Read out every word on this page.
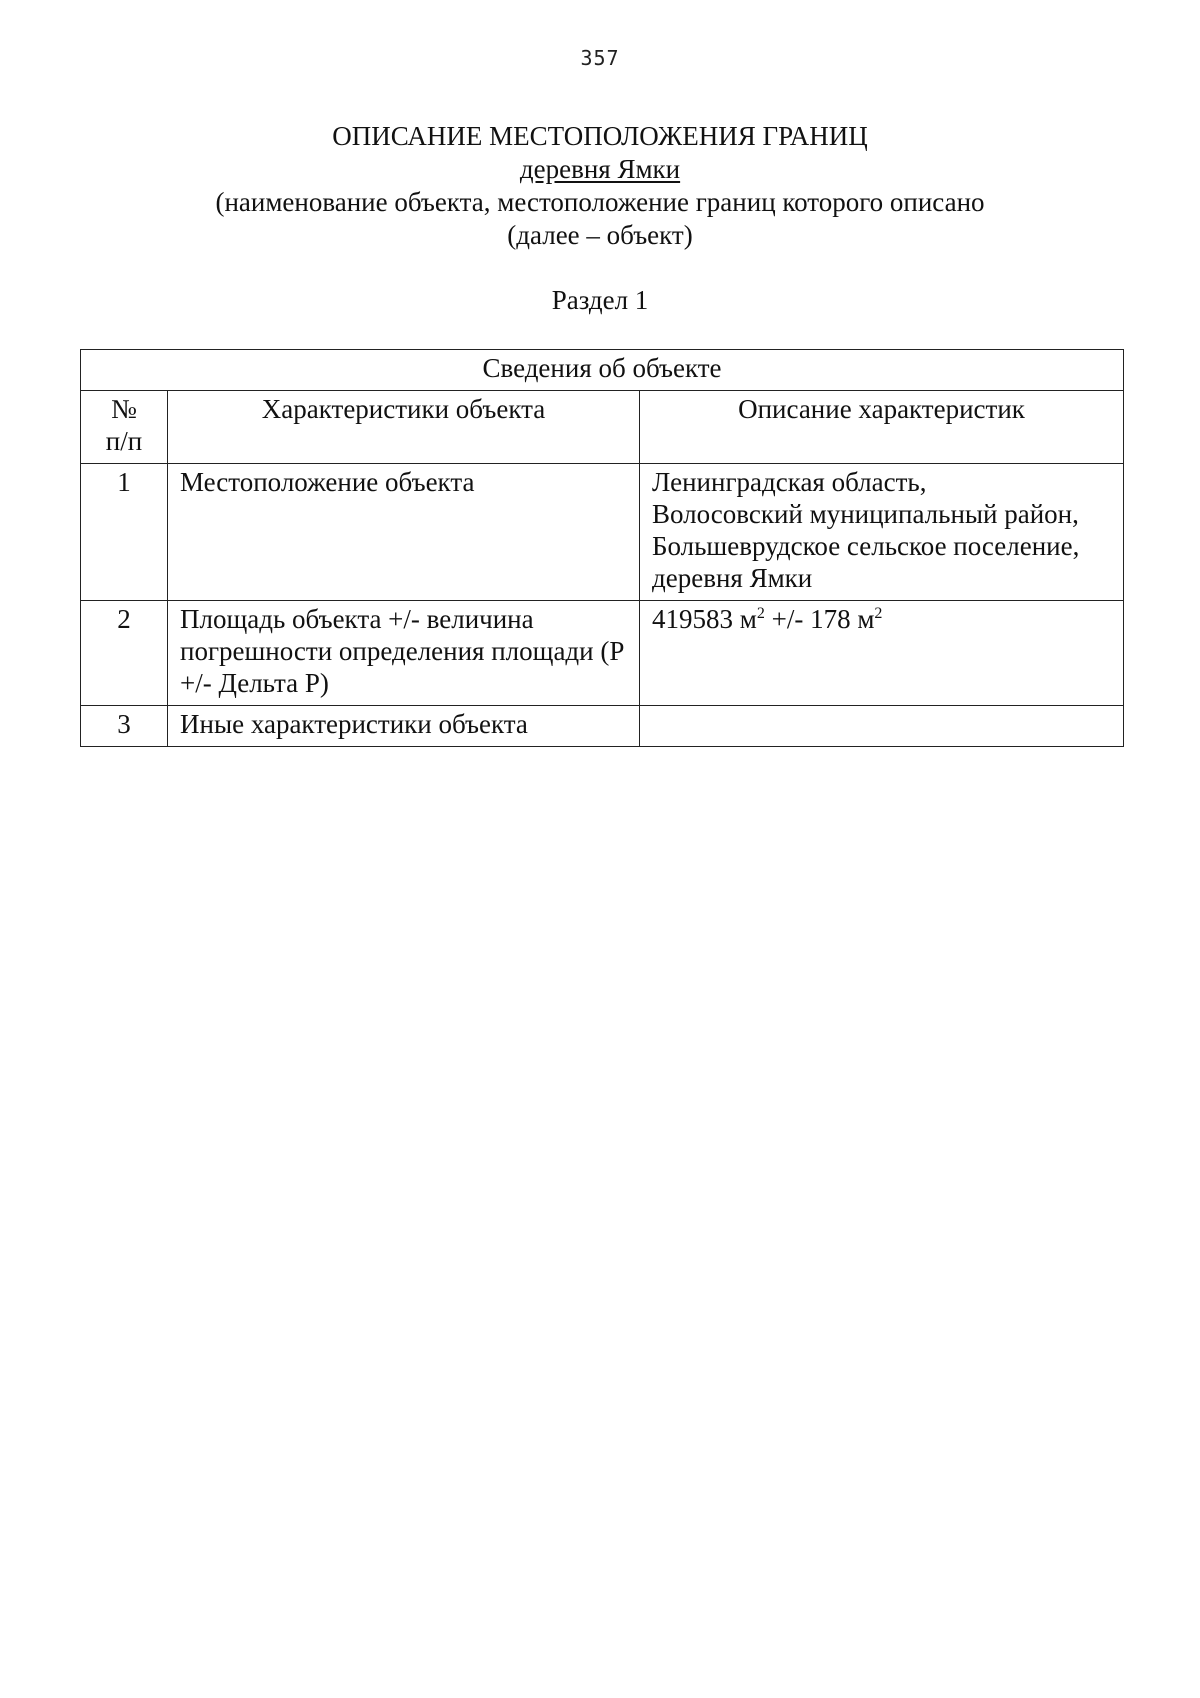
357
ОПИСАНИЕ МЕСТОПОЛОЖЕНИЯ ГРАНИЦ
деревня Ямки
(наименование объекта, местоположение границ которого описано
(далее – объект)
Раздел 1
Сведения об объекте		
№
п/п	Характеристики объекта	Описание характеристик
1	Местоположение объекта	Ленинградская область,
Волосовский муниципальный район,
Большеврудское сельское поселение,
деревня Ямки
2	Площадь объекта +/- величина погрешности определения площади (Р +/- Дельта Р)	419583 $м^2$ +/- 178 $м^2$
3	Иные характеристики объекта	
